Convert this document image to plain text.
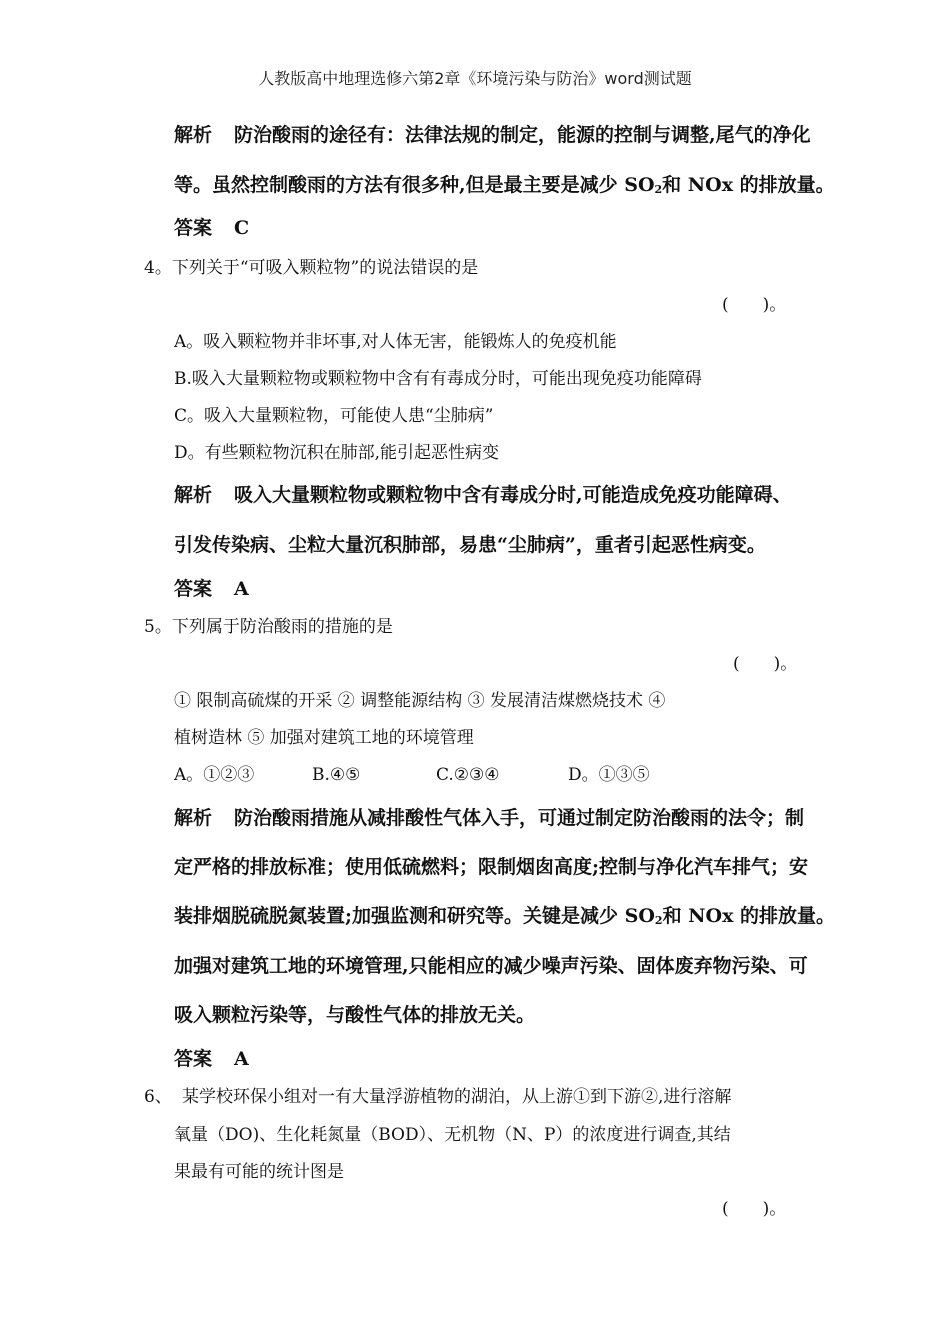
人教版高中地理选修六第2章《环境污染与防治》word测试题
解析 防治酸雨的途径有：法律法规的制定，能源的控制与调整,尾气的净化
等。虽然控制酸雨的方法有很多种,但是最主要是减少 $SO_2$和 NOx 的排放量。
答案 C
4。下列关于“可吸入颗粒物”的说法错误的是
(　　)。
A。吸入颗粒物并非坏事,对人体无害，能锻炼人的免疫机能
B.吸入大量颗粒物或颗粒物中含有有毒成分时，可能出现免疫功能障碍
C。吸入大量颗粒物，可能使人患“尘肺病”
D。有些颗粒物沉积在肺部,能引起恶性病变
解析 吸入大量颗粒物或颗粒物中含有毒成分时,可能造成免疫功能障碍、
引发传染病、尘粒大量沉积肺部，易患“尘肺病”，重者引起恶性病变。
答案 A
5。下列属于防治酸雨的措施的是
(　　)。
① 限制高硫煤的开采 ② 调整能源结构 ③ 发展清洁煤燃烧技术 ④
植树造林 ⑤ 加强对建筑工地的环境管理
A。①②③	B.④⑤	C.②③④	D。①③⑤
解析 防治酸雨措施从减排酸性气体入手，可通过制定防治酸雨的法令；制
定严格的排放标准；使用低硫燃料；限制烟囱高度;控制与净化汽车排气；安
装排烟脱硫脱氮装置;加强监测和研究等。关键是减少 $SO_2$和 NOx 的排放量。
加强对建筑工地的环境管理,只能相应的减少噪声污染、固体废弃物污染、可
吸入颗粒污染等，与酸性气体的排放无关。
答案 A
6、 某学校环保小组对一有大量浮游植物的湖泊，从上游①到下游②,进行溶解
氧量（DO)、生化耗氮量（BOD）、无机物（N、P）的浓度进行调查,其结
果最有可能的统计图是
(　　)。
